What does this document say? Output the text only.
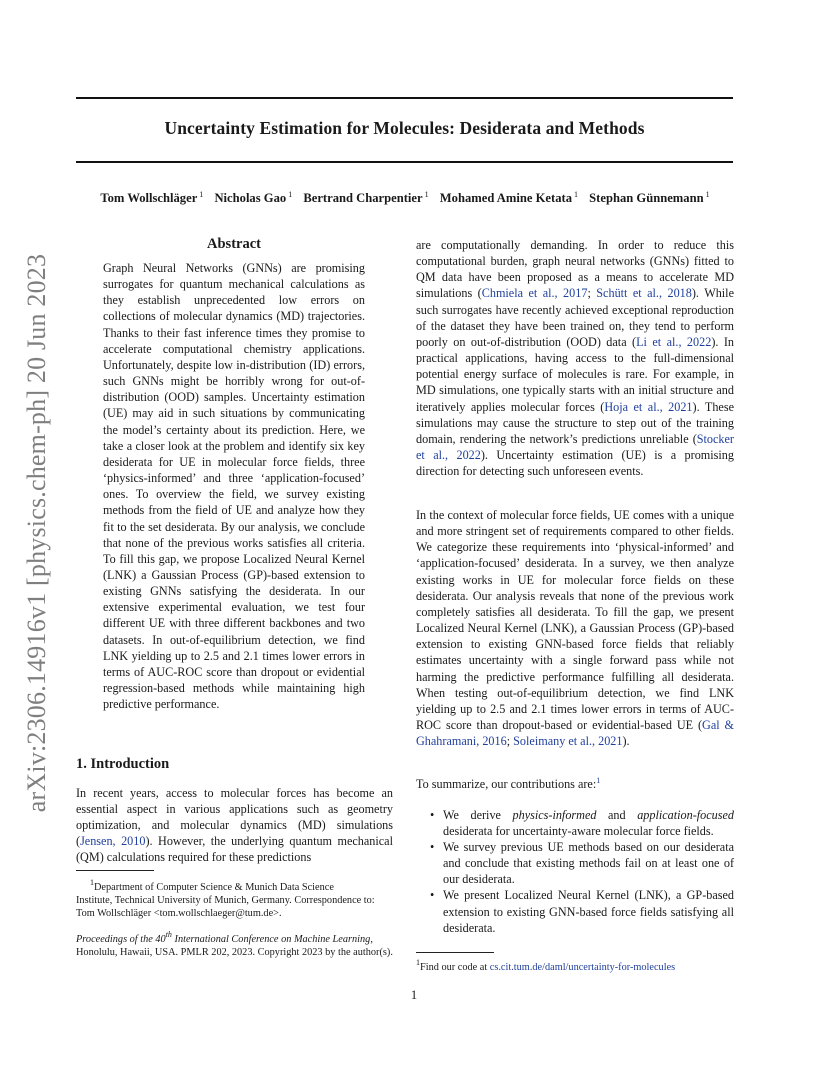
Uncertainty Estimation for Molecules: Desiderata and Methods
Tom Wollschläger $^1$ Nicholas Gao $^1$ Bertrand Charpentier $^1$ Mohamed Amine Ketata $^1$ Stephan Günnemann $^1$
arXiv:2306.14916v1 [physics.chem-ph] 20 Jun 2023
Abstract
Graph Neural Networks (GNNs) are promising surrogates for quantum mechanical calculations as they establish unprecedented low errors on collections of molecular dynamics (MD) trajectories. Thanks to their fast inference times they promise to accelerate computational chemistry applications. Unfortunately, despite low in-distribution (ID) errors, such GNNs might be horribly wrong for out-of-distribution (OOD) samples. Uncertainty estimation (UE) may aid in such situations by communicating the model’s certainty about its prediction. Here, we take a closer look at the problem and identify six key desiderata for UE in molecular force fields, three ‘physics-informed’ and three ‘application-focused’ ones. To overview the field, we survey existing methods from the field of UE and analyze how they fit to the set desiderata. By our analysis, we conclude that none of the previous works satisfies all criteria. To fill this gap, we propose Localized Neural Kernel (LNK) a Gaussian Process (GP)-based extension to existing GNNs satisfying the desiderata. In our extensive experimental evaluation, we test four different UE with three different backbones and two datasets. In out-of-equilibrium detection, we find LNK yielding up to 2.5 and 2.1 times lower errors in terms of AUC-ROC score than dropout or evidential regression-based methods while maintaining high predictive performance.
1. Introduction
In recent years, access to molecular forces has become an essential aspect in various applications such as geometry optimization, and molecular dynamics (MD) simulations (Jensen, 2010). However, the underlying quantum mechanical (QM) calculations required for these predictions
$^1$Department of Computer Science & Munich Data Science
Institute, Technical University of Munich, Germany. Correspondence to: Tom Wollschläger <tom.wollschlaeger@tum.de>.
Proceedings of the 40th International Conference on Machine Learning, Honolulu, Hawaii, USA. PMLR 202, 2023. Copyright 2023 by the author(s).

are computationally demanding. In order to reduce this computational burden, graph neural networks (GNNs) fitted to QM data have been proposed as a means to accelerate MD simulations (Chmiela et al., 2017; Schütt et al., 2018). While such surrogates have recently achieved exceptional reproduction of the dataset they have been trained on, they tend to perform poorly on out-of-distribution (OOD) data (Li et al., 2022). In practical applications, having access to the full-dimensional potential energy surface of molecules is rare. For example, in MD simulations, one typically starts with an initial structure and iteratively applies molecular forces (Hoja et al., 2021). These simulations may cause the structure to step out of the training domain, rendering the network’s predictions unreliable (Stocker et al., 2022). Uncertainty estimation (UE) is a promising direction for detecting such unforeseen events.

In the context of molecular force fields, UE comes with a unique and more stringent set of requirements compared to other fields. We categorize these requirements into ‘physical-informed’ and ‘application-focused’ desiderata. In a survey, we then analyze existing works in UE for molecular force fields on these desiderata. Our analysis reveals that none of the previous work completely satisfies all desiderata. To fill the gap, we present Localized Neural Kernel (LNK), a Gaussian Process (GP)-based extension to existing GNN-based force fields that reliably estimates uncertainty with a single forward pass while not harming the predictive performance fulfilling all desiderata. When testing out-of-equilibrium detection, we find LNK yielding up to 2.5 and 2.1 times lower errors in terms of AUC-ROC score than dropout-based or evidential-based UE (Gal & Ghahramani, 2016; Soleimany et al., 2021).

To summarize, our contributions are:$^1$

• We derive physics-informed and application-focused desiderata for uncertainty-aware molecular force fields.
• We survey previous UE methods based on our desiderata and conclude that existing methods fail on at least one of our desiderata.
• We present Localized Neural Kernel (LNK), a GP-based extension to existing GNN-based force fields satisfying all desiderata.
$^1$Find our code at cs.cit.tum.de/daml/uncertainty-for-molecules
1
